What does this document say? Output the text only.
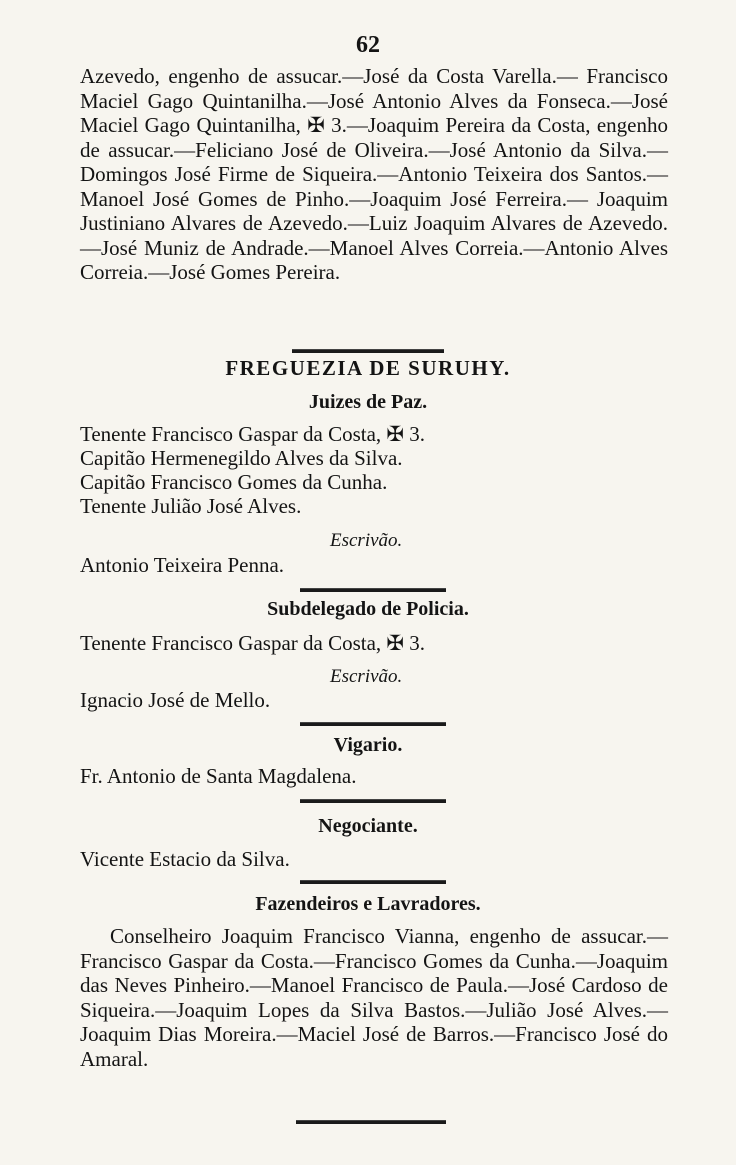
62
Azevedo, engenho de assucar.—José da Costa Varella.— Francisco Maciel Gago Quintanilha.—José Antonio Alves da Fonseca.—José Maciel Gago Quintanilha, ✠ 3.—Joaquim Pereira da Costa, engenho de assucar.—Feliciano José de Oliveira.—José Antonio da Silva.—Domingos José Firme de Siqueira.—Antonio Teixeira dos Santos.—Manoel José Gomes de Pinho.—Joaquim José Ferreira.— Joaquim Justiniano Alvares de Azevedo.—Luiz Joaquim Alvares de Azevedo.—José Muniz de Andrade.—Manoel Alves Correia.—Antonio Alves Correia.—José Gomes Pereira.
FREGUEZIA DE SURUHY.
Juizes de Paz.
Tenente Francisco Gaspar da Costa, ✠ 3.
Capitão Hermenegildo Alves da Silva.
Capitão Francisco Gomes da Cunha.
Tenente Julião José Alves.
Escrivão.
Antonio Teixeira Penna.
Subdelegado de Policia.
Tenente Francisco Gaspar da Costa, ✠ 3.
Escrivão.
Ignacio José de Mello.
Vigario.
Fr. Antonio de Santa Magdalena.
Negociante.
Vicente Estacio da Silva.
Fazendeiros e Lavradores.
Conselheiro Joaquim Francisco Vianna, engenho de assucar.—Francisco Gaspar da Costa.—Francisco Gomes da Cunha.—Joaquim das Neves Pinheiro.—Manoel Francisco de Paula.—José Cardoso de Siqueira.—Joaquim Lopes da Silva Bastos.—Julião José Alves.—Joaquim Dias Moreira.—Maciel José de Barros.—Francisco José do Amaral.
